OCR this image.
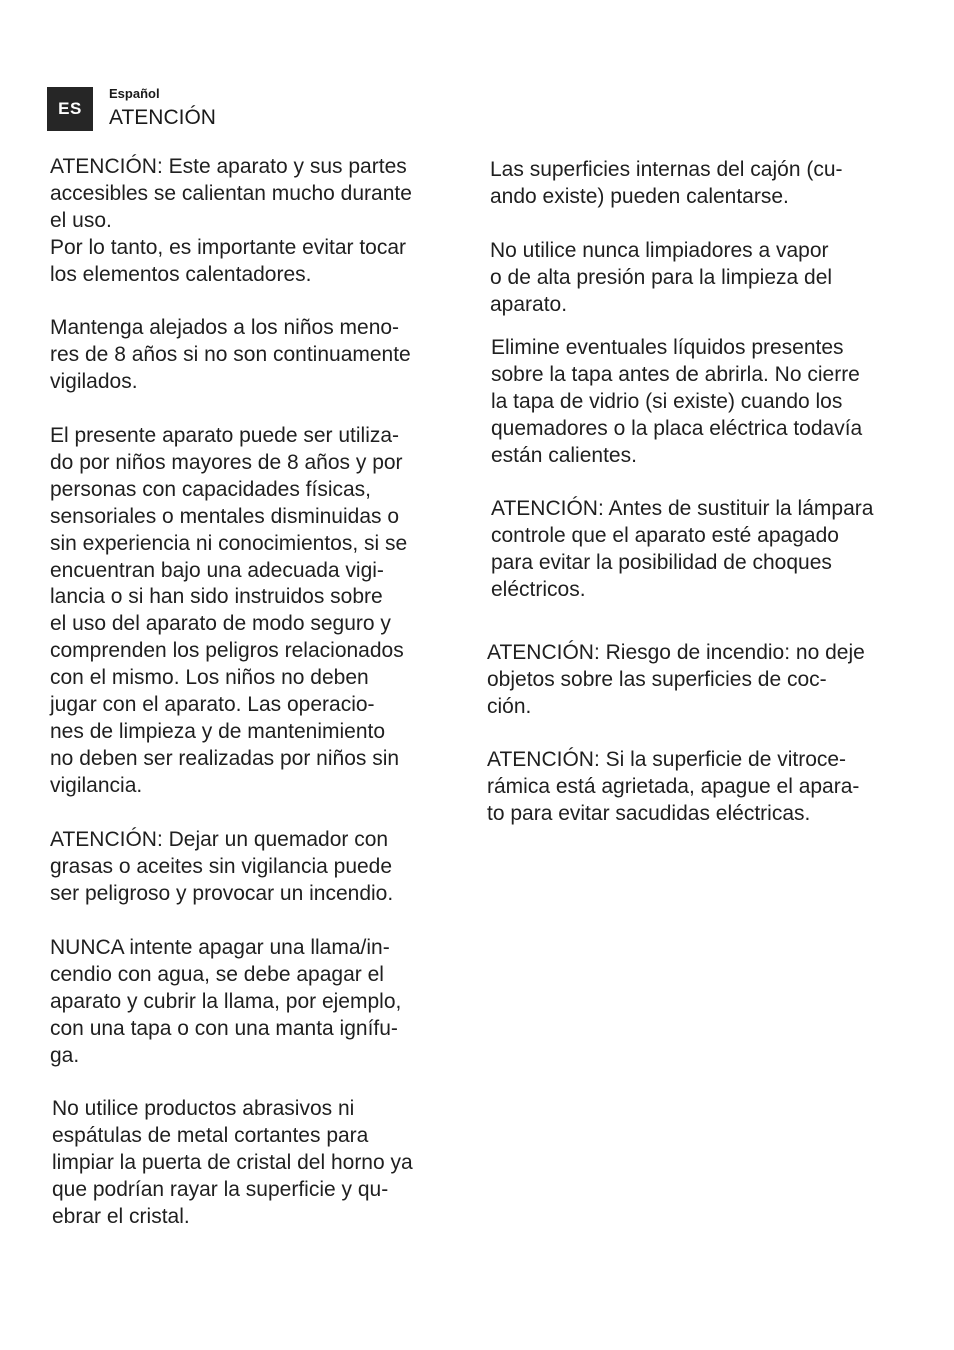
ES
Español
ATENCIÓN

ATENCIÓN: Este aparato y sus partes
accesibles se calientan mucho durante
el uso.
Por lo tanto, es importante evitar tocar
los elementos calentadores.

Mantenga alejados a los niños meno-
res de 8 años si no son continuamente
vigilados.

El presente aparato puede ser utiliza-
do por niños mayores de 8 años y por
personas con capacidades físicas,
sensoriales o mentales disminuidas o
sin experiencia ni conocimientos, si se
encuentran bajo una adecuada vigi-
lancia o si han sido instruidos sobre
el uso del aparato de modo seguro y
comprenden los peligros relacionados
con el mismo. Los niños no deben
jugar con el aparato. Las operacio-
nes de limpieza y de mantenimiento
no deben ser realizadas por niños sin
vigilancia.

ATENCIÓN: Dejar un quemador con
grasas o aceites sin vigilancia puede
ser peligroso y provocar un incendio.

NUNCA intente apagar una llama/in-
cendio con agua, se debe apagar el
aparato y cubrir la llama, por ejemplo,
con una tapa o con una manta ignífu-
ga.

No utilice productos abrasivos ni
espátulas de metal cortantes para
limpiar la puerta de cristal del horno ya
que podrían rayar la superficie y qu-
ebrar el cristal.

Las superficies internas del cajón (cu-
ando existe) pueden calentarse.

No utilice nunca limpiadores a vapor
o de alta presión para la limpieza del
aparato.

Elimine eventuales líquidos presentes
sobre la tapa antes de abrirla. No cierre
la tapa de vidrio (si existe) cuando los
quemadores o la placa eléctrica todavía
están calientes.

ATENCIÓN: Antes de sustituir la lámpara
controle que el aparato esté apagado
para evitar la posibilidad de choques
eléctricos.

ATENCIÓN: Riesgo de incendio: no deje
objetos sobre las superficies de coc-
ción.

ATENCIÓN: Si la superficie de vitroce-
rámica está agrietada, apague el apara-
to para evitar sacudidas eléctricas.
